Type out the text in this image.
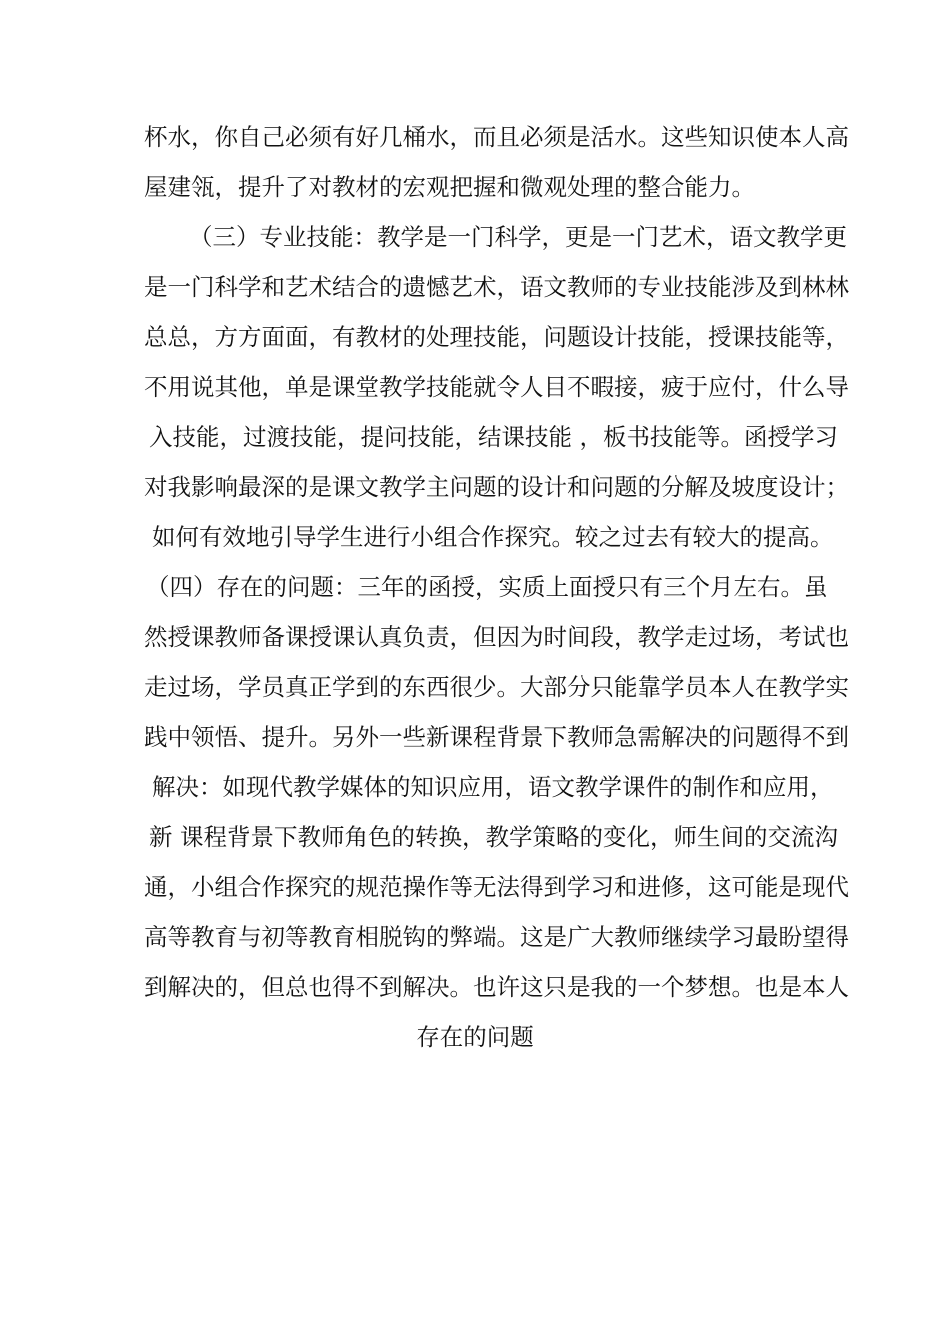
杯水，你自己必须有好几桶水，而且必须是活水。这些知识使本人高
屋建瓴，提升了对教材的宏观把握和微观处理的整合能力。
（三）专业技能：教学是一门科学，更是一门艺术，语文教学更
是一门科学和艺术结合的遗憾艺术，语文教师的专业技能涉及到林林
总总，方方面面，有教材的处理技能，问题设计技能，授课技能等，
不用说其他，单是课堂教学技能就令人目不暇接，疲于应付，什么导
入技能，过渡技能，提问技能，结课技能 ，板书技能等。函授学习
对我影响最深的是课文教学主问题的设计和问题的分解及坡度设计；
如何有效地引导学生进行小组合作探究。较之过去有较大的提高。
（四）存在的问题：三年的函授，实质上面授只有三个月左右。虽
然授课教师备课授课认真负责，但因为时间段，教学走过场，考试也
走过场，学员真正学到的东西很少。大部分只能靠学员本人在教学实
践中领悟、提升。另外一些新课程背景下教师急需解决的问题得不到
解决：如现代教学媒体的知识应用，语文教学课件的制作和应用，
新 课程背景下教师角色的转换，教学策略的变化，师生间的交流沟
通，小组合作探究的规范操作等无法得到学习和进修，这可能是现代
高等教育与初等教育相脱钩的弊端。这是广大教师继续学习最盼望得
到解决的，但总也得不到解决。也许这只是我的一个梦想。也是本人
存在的问题
